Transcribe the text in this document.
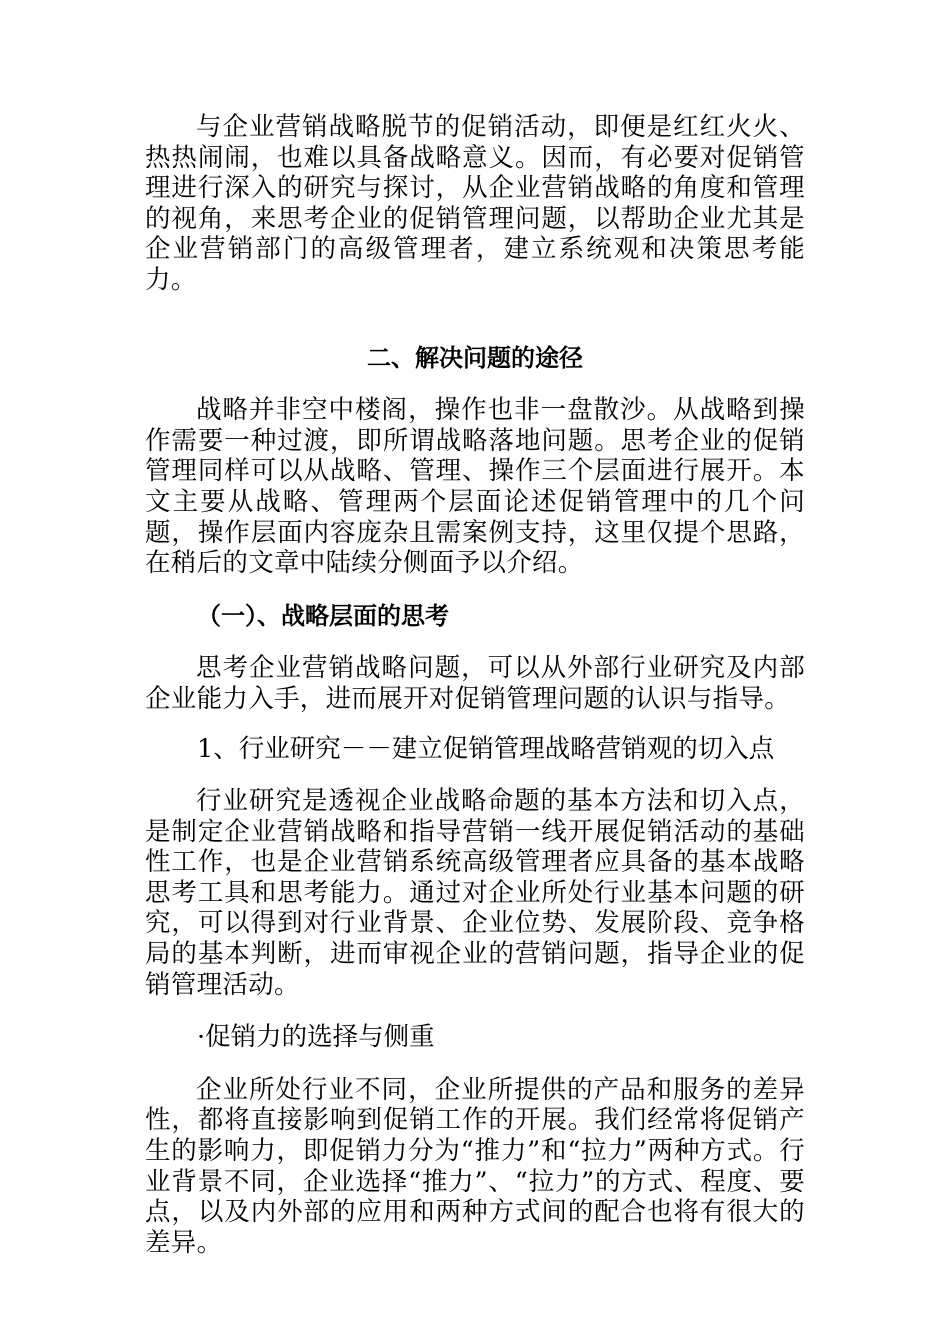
与企业营销战略脱节的促销活动，即便是红红火火、热热闹闹，也难以具备战略意义。因而，有必要对促销管理进行深入的研究与探讨，从企业营销战略的角度和管理的视角，来思考企业的促销管理问题，以帮助企业尤其是企业营销部门的高级管理者，建立系统观和决策思考能力。

二、解决问题的途径

战略并非空中楼阁，操作也非一盘散沙。从战略到操作需要一种过渡，即所谓战略落地问题。思考企业的促销管理同样可以从战略、管理、操作三个层面进行展开。本文主要从战略、管理两个层面论述促销管理中的几个问题，操作层面内容庞杂且需案例支持，这里仅提个思路，在稍后的文章中陆续分侧面予以介绍。

（一）、战略层面的思考

思考企业营销战略问题，可以从外部行业研究及内部企业能力入手，进而展开对促销管理问题的认识与指导。

1、行业研究－－建立促销管理战略营销观的切入点

行业研究是透视企业战略命题的基本方法和切入点，是制定企业营销战略和指导营销一线开展促销活动的基础性工作，也是企业营销系统高级管理者应具备的基本战略思考工具和思考能力。通过对企业所处行业基本问题的研究，可以得到对行业背景、企业位势、发展阶段、竞争格局的基本判断，进而审视企业的营销问题，指导企业的促销管理活动。

·促销力的选择与侧重

企业所处行业不同，企业所提供的产品和服务的差异性，都将直接影响到促销工作的开展。我们经常将促销产生的影响力，即促销力分为“推力”和“拉力”两种方式。行业背景不同，企业选择“推力”、“拉力”的方式、程度、要点，以及内外部的应用和两种方式间的配合也将有很大的差异。
